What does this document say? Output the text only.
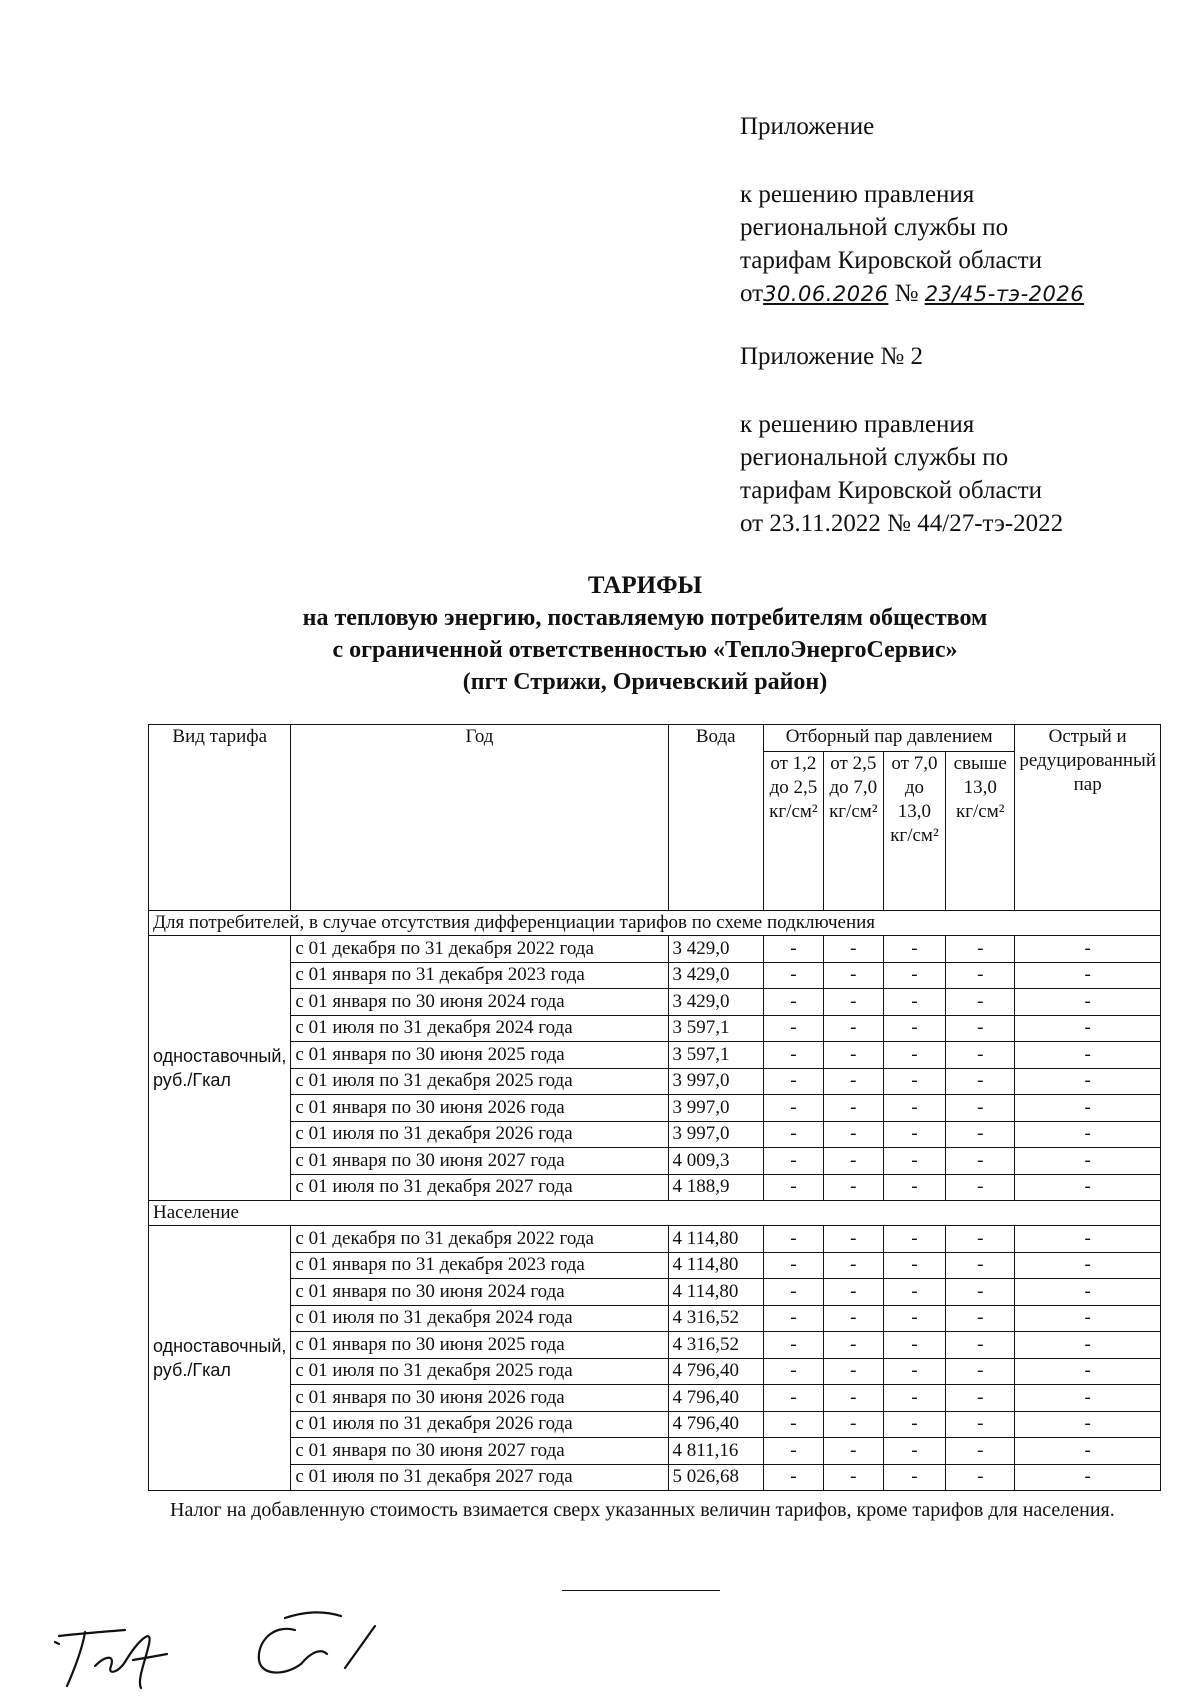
Приложение
к решению правления
региональной службы по
тарифам Кировской области
от30.06.2026 № 23/45-тэ-2026
Приложение № 2
к решению правления
региональной службы по
тарифам Кировской области
от 23.11.2022 № 44/27-тэ-2022
ТАРИФЫ
на тепловую энергию, поставляемую потребителям обществом
с ограниченной ответственностью «ТеплоЭнергоСервис»
(пгт Стрижи, Оричевский район)
Вид тарифа	Год	Вода	Отборный пар давлением				Острый и редуцированный пар
			от 1,2 до 2,5 кг/см²	от 2,5 до 7,0 кг/см²	от 7,0 до 13,0 кг/см²	свыше 13,0 кг/см²	
Для потребителей, в случае отсутствия дифференциации тарифов по схеме подключения							
одноставочный, руб./Гкал	с 01 декабря по 31 декабря 2022 года	3 429,0	-	-	-	-	-
	с 01 января по 31 декабря 2023 года	3 429,0	-	-	-	-	-
	с 01 января по 30 июня 2024 года	3 429,0	-	-	-	-	-
	с 01 июля по 31 декабря 2024 года	3 597,1	-	-	-	-	-
	с 01 января по 30 июня 2025 года	3 597,1	-	-	-	-	-
	с 01 июля по 31 декабря 2025 года	3 997,0	-	-	-	-	-
	с 01 января по 30 июня 2026 года	3 997,0	-	-	-	-	-
	с 01 июля по 31 декабря 2026 года	3 997,0	-	-	-	-	-
	с 01 января по 30 июня 2027 года	4 009,3	-	-	-	-	-
	с 01 июля по 31 декабря 2027 года	4 188,9	-	-	-	-	-
Население							
одноставочный, руб./Гкал	с 01 декабря по 31 декабря 2022 года	4 114,80	-	-	-	-	-
	с 01 января по 31 декабря 2023 года	4 114,80	-	-	-	-	-
	с 01 января по 30 июня 2024 года	4 114,80	-	-	-	-	-
	с 01 июля по 31 декабря 2024 года	4 316,52	-	-	-	-	-
	с 01 января по 30 июня 2025 года	4 316,52	-	-	-	-	-
	с 01 июля по 31 декабря 2025 года	4 796,40	-	-	-	-	-
	с 01 января по 30 июня 2026 года	4 796,40	-	-	-	-	-
	с 01 июля по 31 декабря 2026 года	4 796,40	-	-	-	-	-
	с 01 января по 30 июня 2027 года	4 811,16	-	-	-	-	-
	с 01 июля по 31 декабря 2027 года	5 026,68	-	-	-	-	-
Налог на добавленную стоимость взимается сверх указанных величин тарифов, кроме тарифов для населения.
